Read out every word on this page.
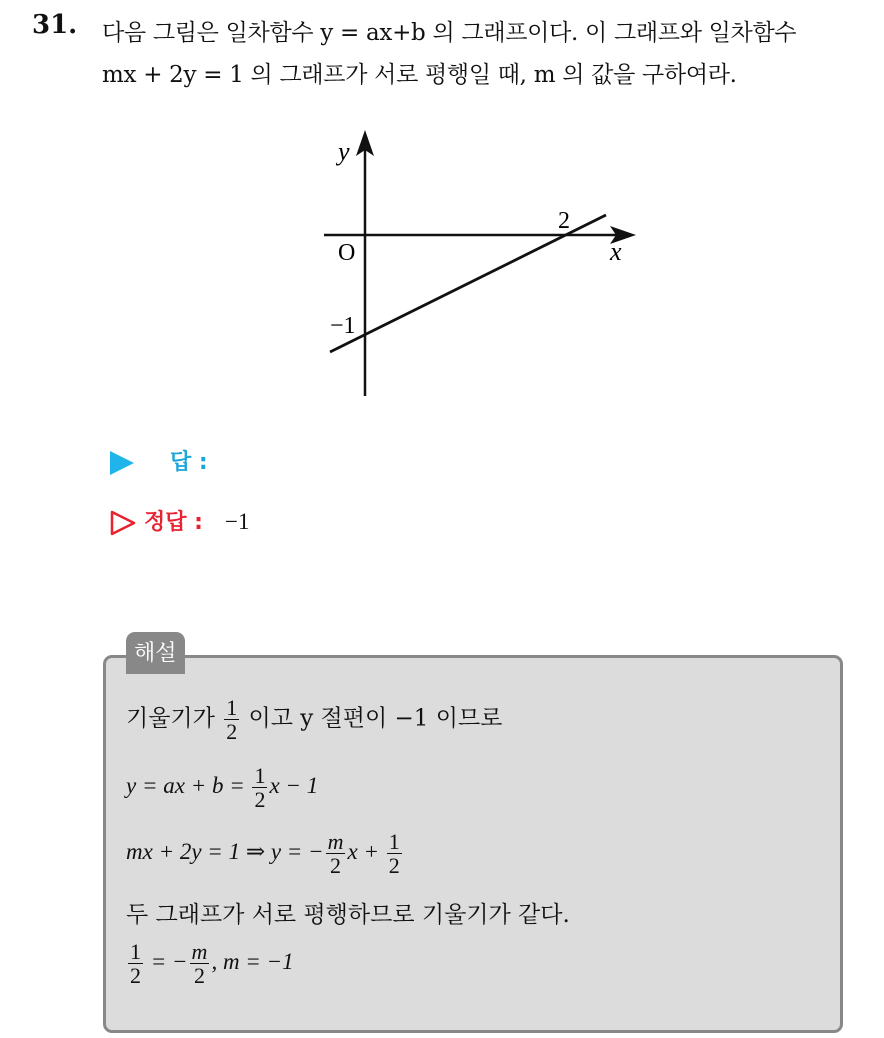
31. 다음 그림은 일차함수 y = ax+b 의 그래프이다. 이 그래프와 일차함수
mx + 2y = 1 의 그래프가 서로 평행일 때, m 의 값을 구하여라.
y
x
O
2
−1
답 :
정답 : −1
기울기가 $\frac{1}{2}$ 이고 y 절편이 −1 이므로
y = ax + $b = \frac{1}{2}$ x − 1
mx + 2y = 1 ⇒ y = − $\frac{m}{2}$ $x + \frac{1}{2}$
두 그래프가 서로 평행하므로 기울기가 같다.
$\frac{1}{2}$ = − $\frac{m}{2}$ , m = −1
해설
